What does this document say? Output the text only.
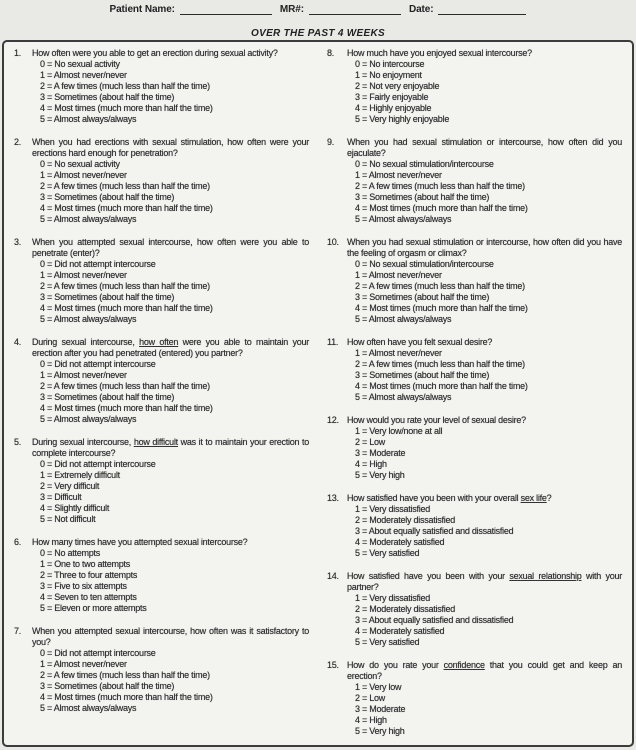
Patient Name:	MR#:	Date:
OVER THE PAST 4 WEEKS
1.	How often were you able to get an erection during sexual activity?
0 = No sexual activity
1 = Almost never/never
2 = A few times (much less than half the time)
3 = Sometimes (about half the time)
4 = Most times (much more than half the time)
5 = Almost always/always
2.	When you had erections with sexual stimulation, how often were your erections hard enough for penetration?
0 = No sexual activity
1 = Almost never/never
2 = A few times (much less than half the time)
3 = Sometimes (about half the time)
4 = Most times (much more than half the time)
5 = Almost always/always
3.	When you attempted sexual intercourse, how often were you able to penetrate (enter)?
0 = Did not attempt intercourse
1 = Almost never/never
2 = A few times (much less than half the time)
3 = Sometimes (about half the time)
4 = Most times (much more than half the time)
5 = Almost always/always
4.	During sexual intercourse, how often were you able to maintain your erection after you had penetrated (entered) you partner?
0 = Did not attempt intercourse
1 = Almost never/never
2 = A few times (much less than half the time)
3 = Sometimes (about half the time)
4 = Most times (much more than half the time)
5 = Almost always/always
5.	During sexual intercourse, how difficult was it to maintain your erection to complete intercourse?
0 = Did not attempt intercourse
1 = Extremely difficult
2 = Very difficult
3 = Difficult
4 = Slightly difficult
5 = Not difficult
6.	How many times have you attempted sexual intercourse?
0 = No attempts
1 = One to two attempts
2 = Three to four attempts
3 = Five to six attempts
4 = Seven to ten attempts
5 = Eleven or more attempts
7.	When you attempted sexual intercourse, how often was it satisfactory to you?
0 = Did not attempt intercourse
1 = Almost never/never
2 = A few times (much less than half the time)
3 = Sometimes (about half the time)
4 = Most times (much more than half the time)
5 = Almost always/always
8.	How much have you enjoyed sexual intercourse?
0 = No intercourse
1 = No enjoyment
2 = Not very enjoyable
3 = Fairly enjoyable
4 = Highly enjoyable
5 = Very highly enjoyable
9.	When you had sexual stimulation or intercourse, how often did you ejaculate?
0 = No sexual stimulation/intercourse
1 = Almost never/never
2 = A few times (much less than half the time)
3 = Sometimes (about half the time)
4 = Most times (much more than half the time)
5 = Almost always/always
10. When you had sexual stimulation or intercourse, how often did you have the feeling of orgasm or climax?
0 = No sexual stimulation/intercourse
1 = Almost never/never
2 = A few times (much less than half the time)
3 = Sometimes (about half the time)
4 = Most times (much more than half the time)
5 = Almost always/always
11. How often have you felt sexual desire?
1 = Almost never/never
2 = A few times (much less than half the time)
3 = Sometimes (about half the time)
4 = Most times (much more than half the time)
5 = Almost always/always
12. How would you rate your level of sexual desire?
1 = Very low/none at all
2 = Low
3 = Moderate
4 = High
5 = Very high
13. How satisfied have you been with your overall sex life?
1 = Very dissatisfied
2 = Moderately dissatisfied
3 = About equally satisfied and dissatisfied
4 = Moderately satisfied
5 = Very satisfied
14. How satisfied have you been with your sexual relationship with your partner?
1 = Very dissatisfied
2 = Moderately dissatisfied
3 = About equally satisfied and dissatisfied
4 = Moderately satisfied
5 = Very satisfied
15. How do you rate your confidence that you could get and keep an erection?
1 = Very low
2 = Low
3 = Moderate
4 = High
5 = Very high
